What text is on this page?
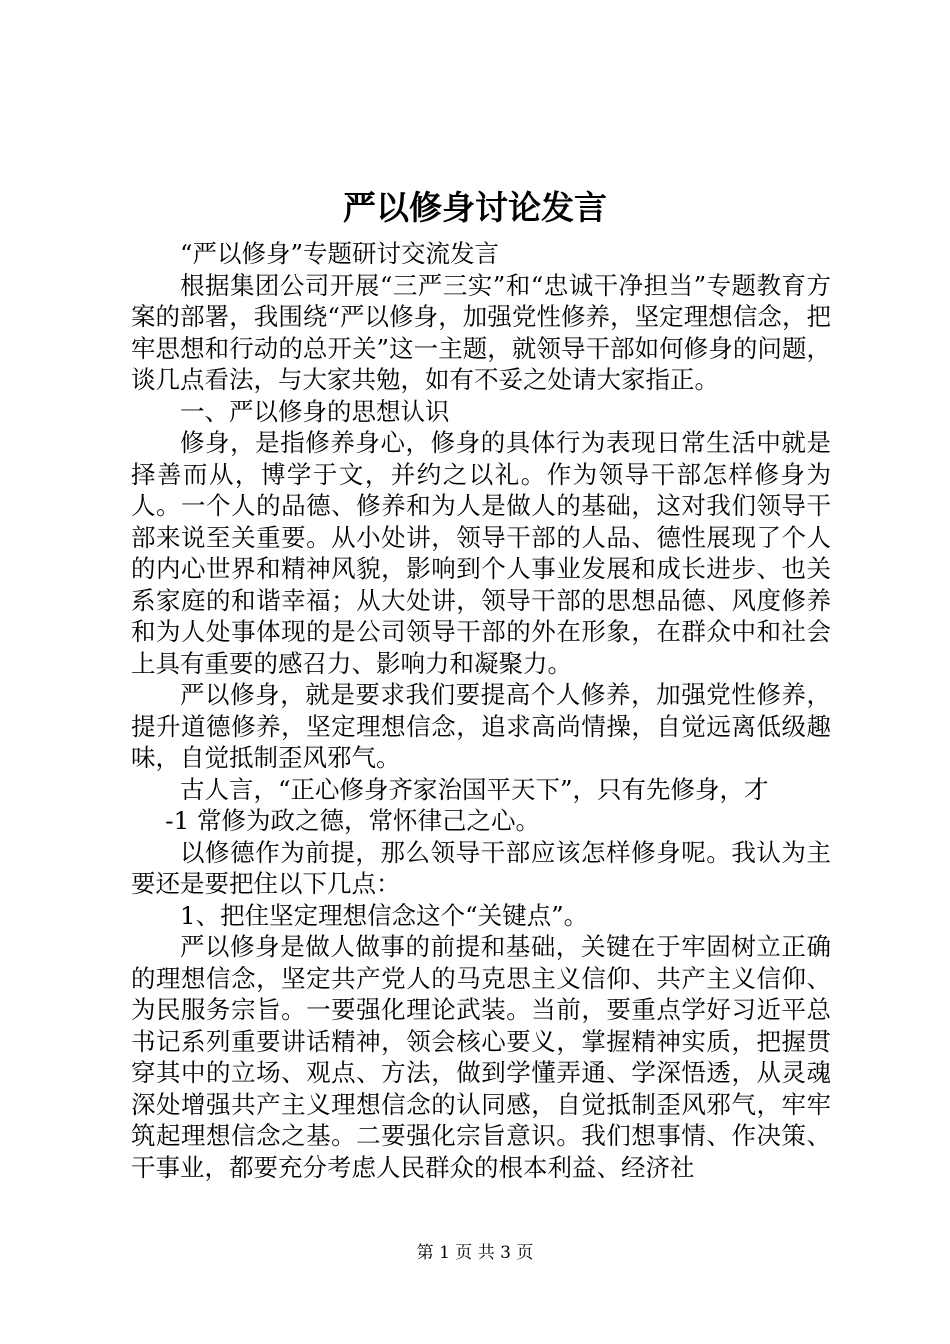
严以修身讨论发言

“严以修身”专题研讨交流发言

根据集团公司开展“三严三实”和“忠诚干净担当”专题教育方案的部署，我围绕“严以修身，加强党性修养，坚定理想信念，把牢思想和行动的总开关”这一主题，就领导干部如何修身的问题，谈几点看法，与大家共勉，如有不妥之处请大家指正。

一、严以修身的思想认识

修身，是指修养身心，修身的具体行为表现日常生活中就是择善而从，博学于文，并约之以礼。作为领导干部怎样修身为人。一个人的品德、修养和为人是做人的基础，这对我们领导干部来说至关重要。从小处讲，领导干部的人品、德性展现了个人的内心世界和精神风貌，影响到个人事业发展和成长进步、也关系家庭的和谐幸福；从大处讲，领导干部的思想品德、风度修养和为人处事体现的是公司领导干部的外在形象，在群众中和社会上具有重要的感召力、影响力和凝聚力。

严以修身，就是要求我们要提高个人修养，加强党性修养，提升道德修养，坚定理想信念，追求高尚情操，自觉远离低级趣味，自觉抵制歪风邪气。

古人言，“正心修身齐家治国平天下”，只有先修身，才

-1 常修为政之德，常怀律己之心。

以修德作为前提，那么领导干部应该怎样修身呢。我认为主要还是要把住以下几点：

1、把住坚定理想信念这个“关键点”。

严以修身是做人做事的前提和基础，关键在于牢固树立正确的理想信念，坚定共产党人的马克思主义信仰、共产主义信仰、为民服务宗旨。一要强化理论武装。当前，要重点学好习近平总书记系列重要讲话精神，领会核心要义，掌握精神实质，把握贯穿其中的立场、观点、方法，做到学懂弄通、学深悟透，从灵魂深处增强共产主义理想信念的认同感，自觉抵制歪风邪气，牢牢筑起理想信念之基。二要强化宗旨意识。我们想事情、作决策、干事业，都要充分考虑人民群众的根本利益、经济社

第 1 页 共 3 页
